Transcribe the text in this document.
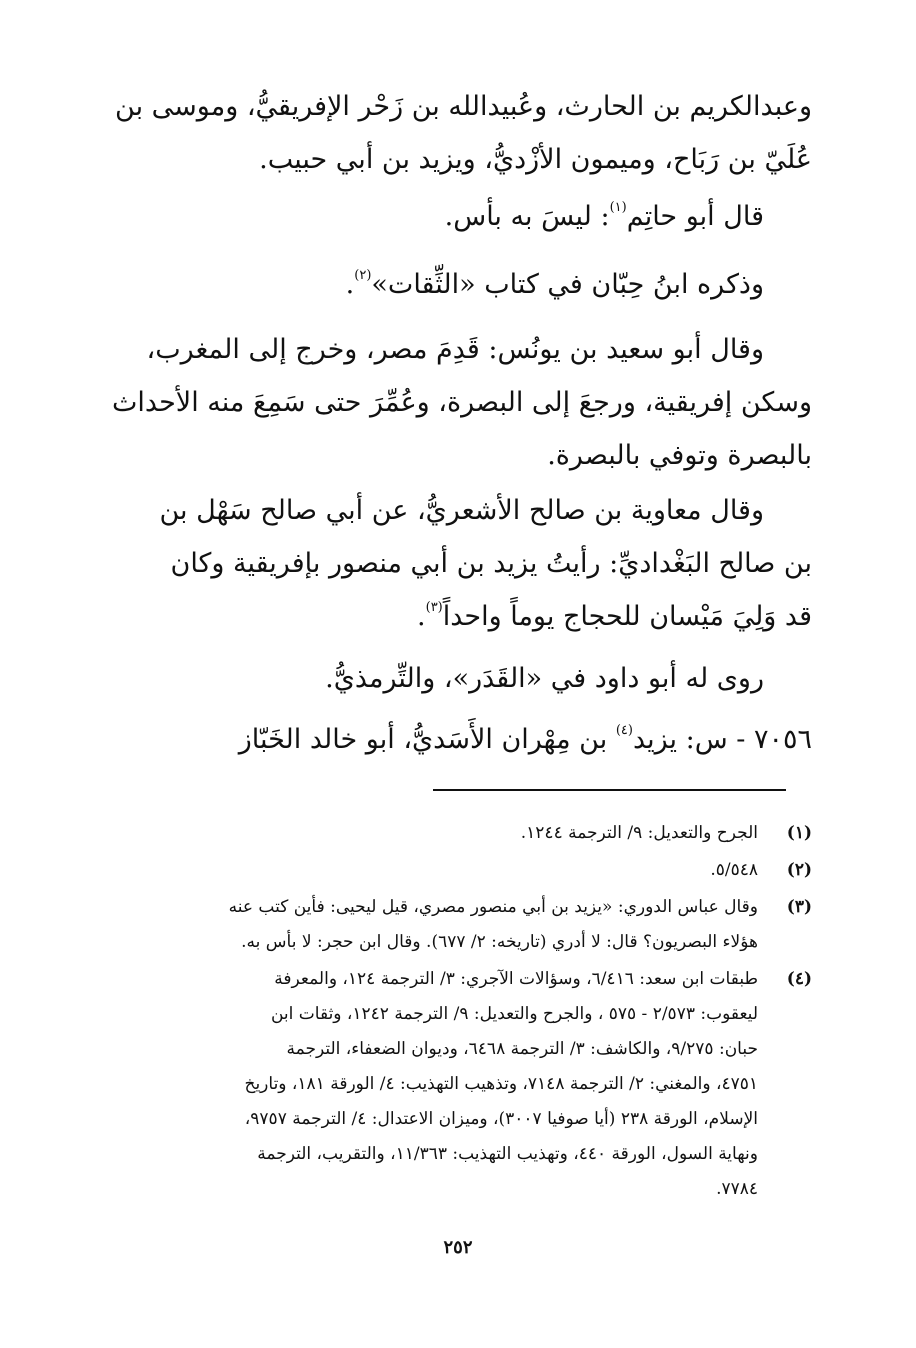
وعبدالكريم بن الحارث، وعُبيدالله بن زَحْر الإفريقيُّ، وموسى بن
عُلَيّ بن رَبَاح، وميمون الأزْديُّ، ويزيد بن أبي حبيب.
قال أبو حاتِم$^{(١)}$: ليسَ به بأس.
وذكره ابنُ حِبّان في كتاب «الثِّقات»$^{(٢)}$.
وقال أبو سعيد بن يونُس: قَدِمَ مصر، وخرج إلى المغرب،
وسكن إفريقية، ورجعَ إلى البصرة، وعُمِّرَ حتى سَمِعَ منه الأحداث
بالبصرة وتوفي بالبصرة.
وقال معاوية بن صالح الأشعريُّ، عن أبي صالح سَهْل بن
بن صالح البَغْداديِّ: رأيتُ يزيد بن أبي منصور بإفريقية وكان
قد وَلِيَ مَيْسان للحجاج يوماً واحداً$^{(٣)}$.
روى له أبو داود في «القَدَر»، والتِّرمذيُّ.
٧٠٥٦ - س: يزيد$^{(٤)}$ بن مِهْران الأَسَديُّ، أبو خالد الخَبّاز
(١)
الجرح والتعديل: ٩/ الترجمة ١٢٤٤.
(٢)
٥/٥٤٨.
(٣)
وقال عباس الدوري: «يزيد بن أبي منصور مصري، قيل ليحيى: فأين كتب عنه
هؤلاء البصريون؟ قال: لا أدري (تاريخه: ٢/ ٦٧٧). وقال ابن حجر: لا بأس به.
(٤)
طبقات ابن سعد: ٦/٤١٦، وسؤالات الآجري: ٣/ الترجمة ١٢٤، والمعرفة
ليعقوب: ٢/٥٧٣ - ٥٧٥ ، والجرح والتعديل: ٩/ الترجمة ١٢٤٢، وثقات ابن
حبان: ٩/٢٧٥، والكاشف: ٣/ الترجمة ٦٤٦٨، وديوان الضعفاء، الترجمة
٤٧٥١، والمغني: ٢/ الترجمة ٧١٤٨، وتذهيب التهذيب: ٤/ الورقة ١٨١، وتاريخ
الإسلام، الورقة ٢٣٨ (أيا صوفيا ٣٠٠٧)، وميزان الاعتدال: ٤/ الترجمة ٩٧٥٧،
ونهاية السول، الورقة ٤٤٠، وتهذيب التهذيب: ١١/٣٦٣، والتقريب، الترجمة
٧٧٨٤.
٢٥٢
